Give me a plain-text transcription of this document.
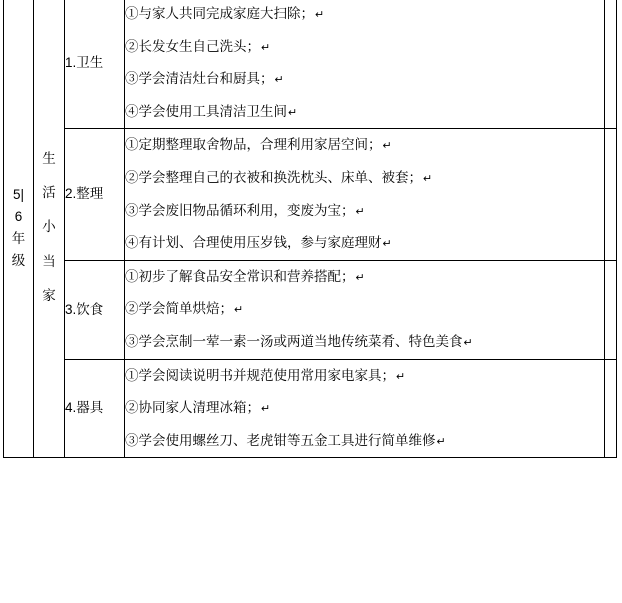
5|
6
年
级

生
活
小
当
家
	1.卫生	
①与家人共同完成家庭大扫除；↵
②长发女生自己洗头；↵
③学会清洁灶台和厨具；↵
④学会使用工具清洁卫生间↵

		2.整理	①定期整理取舍物品，合理利用家居空间；↵
②学会整理自己的衣被和换洗枕头、床单、被套；↵
③学会废旧物品循环利用，变废为宝；↵
④有计划、合理使用压岁钱，参与家庭理财↵	

		3.饮食	①初步了解食品安全常识和营养搭配；↵
②学会简单烘焙；↵
③学会烹制一荤一素一汤或两道当地传统菜肴、特色美食↵	

		4.器具	①学会阅读说明书并规范使用常用家电家具；↵
②协同家人清理冰箱；↵
③学会使用螺丝刀、老虎钳等五金工具进行简单维修↵	
